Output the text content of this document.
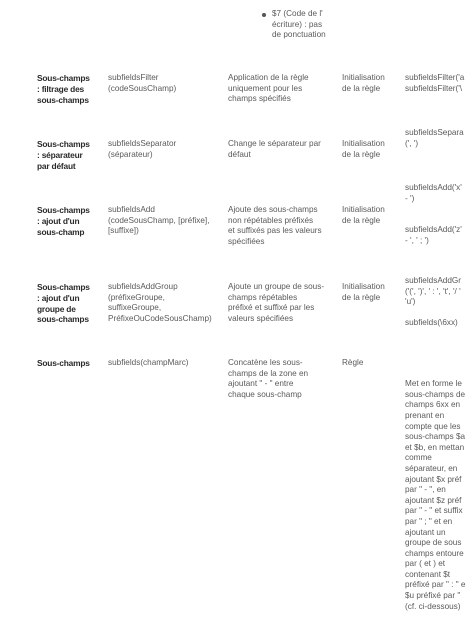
$7 (Code de l'
écriture) : pas
de ponctuation
Sous-champs
: filtrage des
sous-champs
subfieldsFilter
(codeSousChamp)
Application de la règle
uniquement pour les
champs spécifiés
Initialisation
de la règle
subfieldsFilter('a
subfieldsFilter('\
Sous-champs
: séparateur
par défaut
subfieldsSeparator
(séparateur)
Change le séparateur par
défaut
Initialisation
de la règle
subfieldsSepara
(', ')
Sous-champs
: ajout d'un
sous-champ
subfieldsAdd
(codeSousChamp, [préfixe],
[suffixe])
Ajoute des sous-champs
non répétables préfixés
et suffixés pas les valeurs
spécifiées
Initialisation
de la règle
subfieldsAdd('x'
- ')

subfieldsAdd('z'
- ', ' ; ')
Sous-champs
: ajout d'un
groupe de
sous-champs
subfieldsAddGroup
(préfixeGroupe,
suffixeGroupe,
PréfixeOuCodeSousChamp)
Ajoute un groupe de sous-
champs répétables
préfixé et suffixé par les
valeurs spécifiées
Initialisation
de la règle
subfieldsAddGr
('(', ')', ' : ', 't', '/ '
'u')

subfields(\6xx)
Sous-champs subfields(champMarc)	Concatène les sous-
champs de la zone en
ajoutant " - " entre
chaque sous-champ
Règle

Met en forme le
sous-champs de
champs 6xx en
prenant en
compte que les
sous-champs $a
et $b, en mettan
comme
séparateur, en
ajoutant $x préf
par " - ", en
ajoutant $z préf
par " - " et suffix
par " ; " et en
ajoutant un
groupe de sous
champs entoure
par ( et ) et
contenant $t
préfixé par " : " e
$u préfixé par "
(cf. ci-dessous)
